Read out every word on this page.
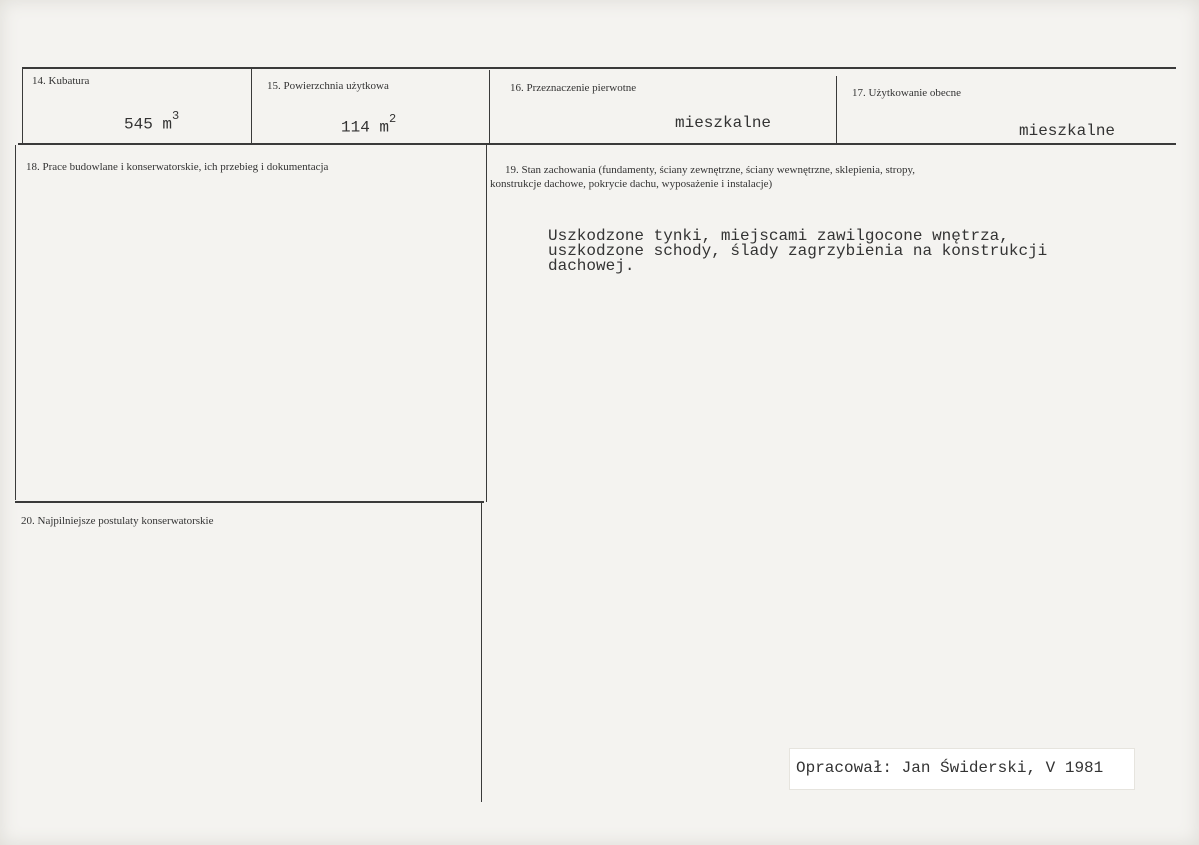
14. Kubatura
545 $m^3$
15. Powierzchnia użytkowa
114 $m^2$
16. Przeznaczenie pierwotne
mieszkalne
17. Użytkowanie obecne
mieszkalne
18. Prace budowlane i konserwatorskie, ich przebieg i dokumentacja	19. Stan zachowania (fundamenty, ściany zewnętrzne, ściany wewnętrzne, sklepienia, stropy,
konstrukcje dachowe, pokrycie dachu, wyposażenie i instalacje)
Uszkodzone tynki, miejscami zawilgocone wnętrza,
uszkodzone schody, ślady zagrzybienia na konstrukcji
dachowej.
20. Najpilniejsze postulaty konserwatorskie
Opracował: Jan Świderski, V 1981
